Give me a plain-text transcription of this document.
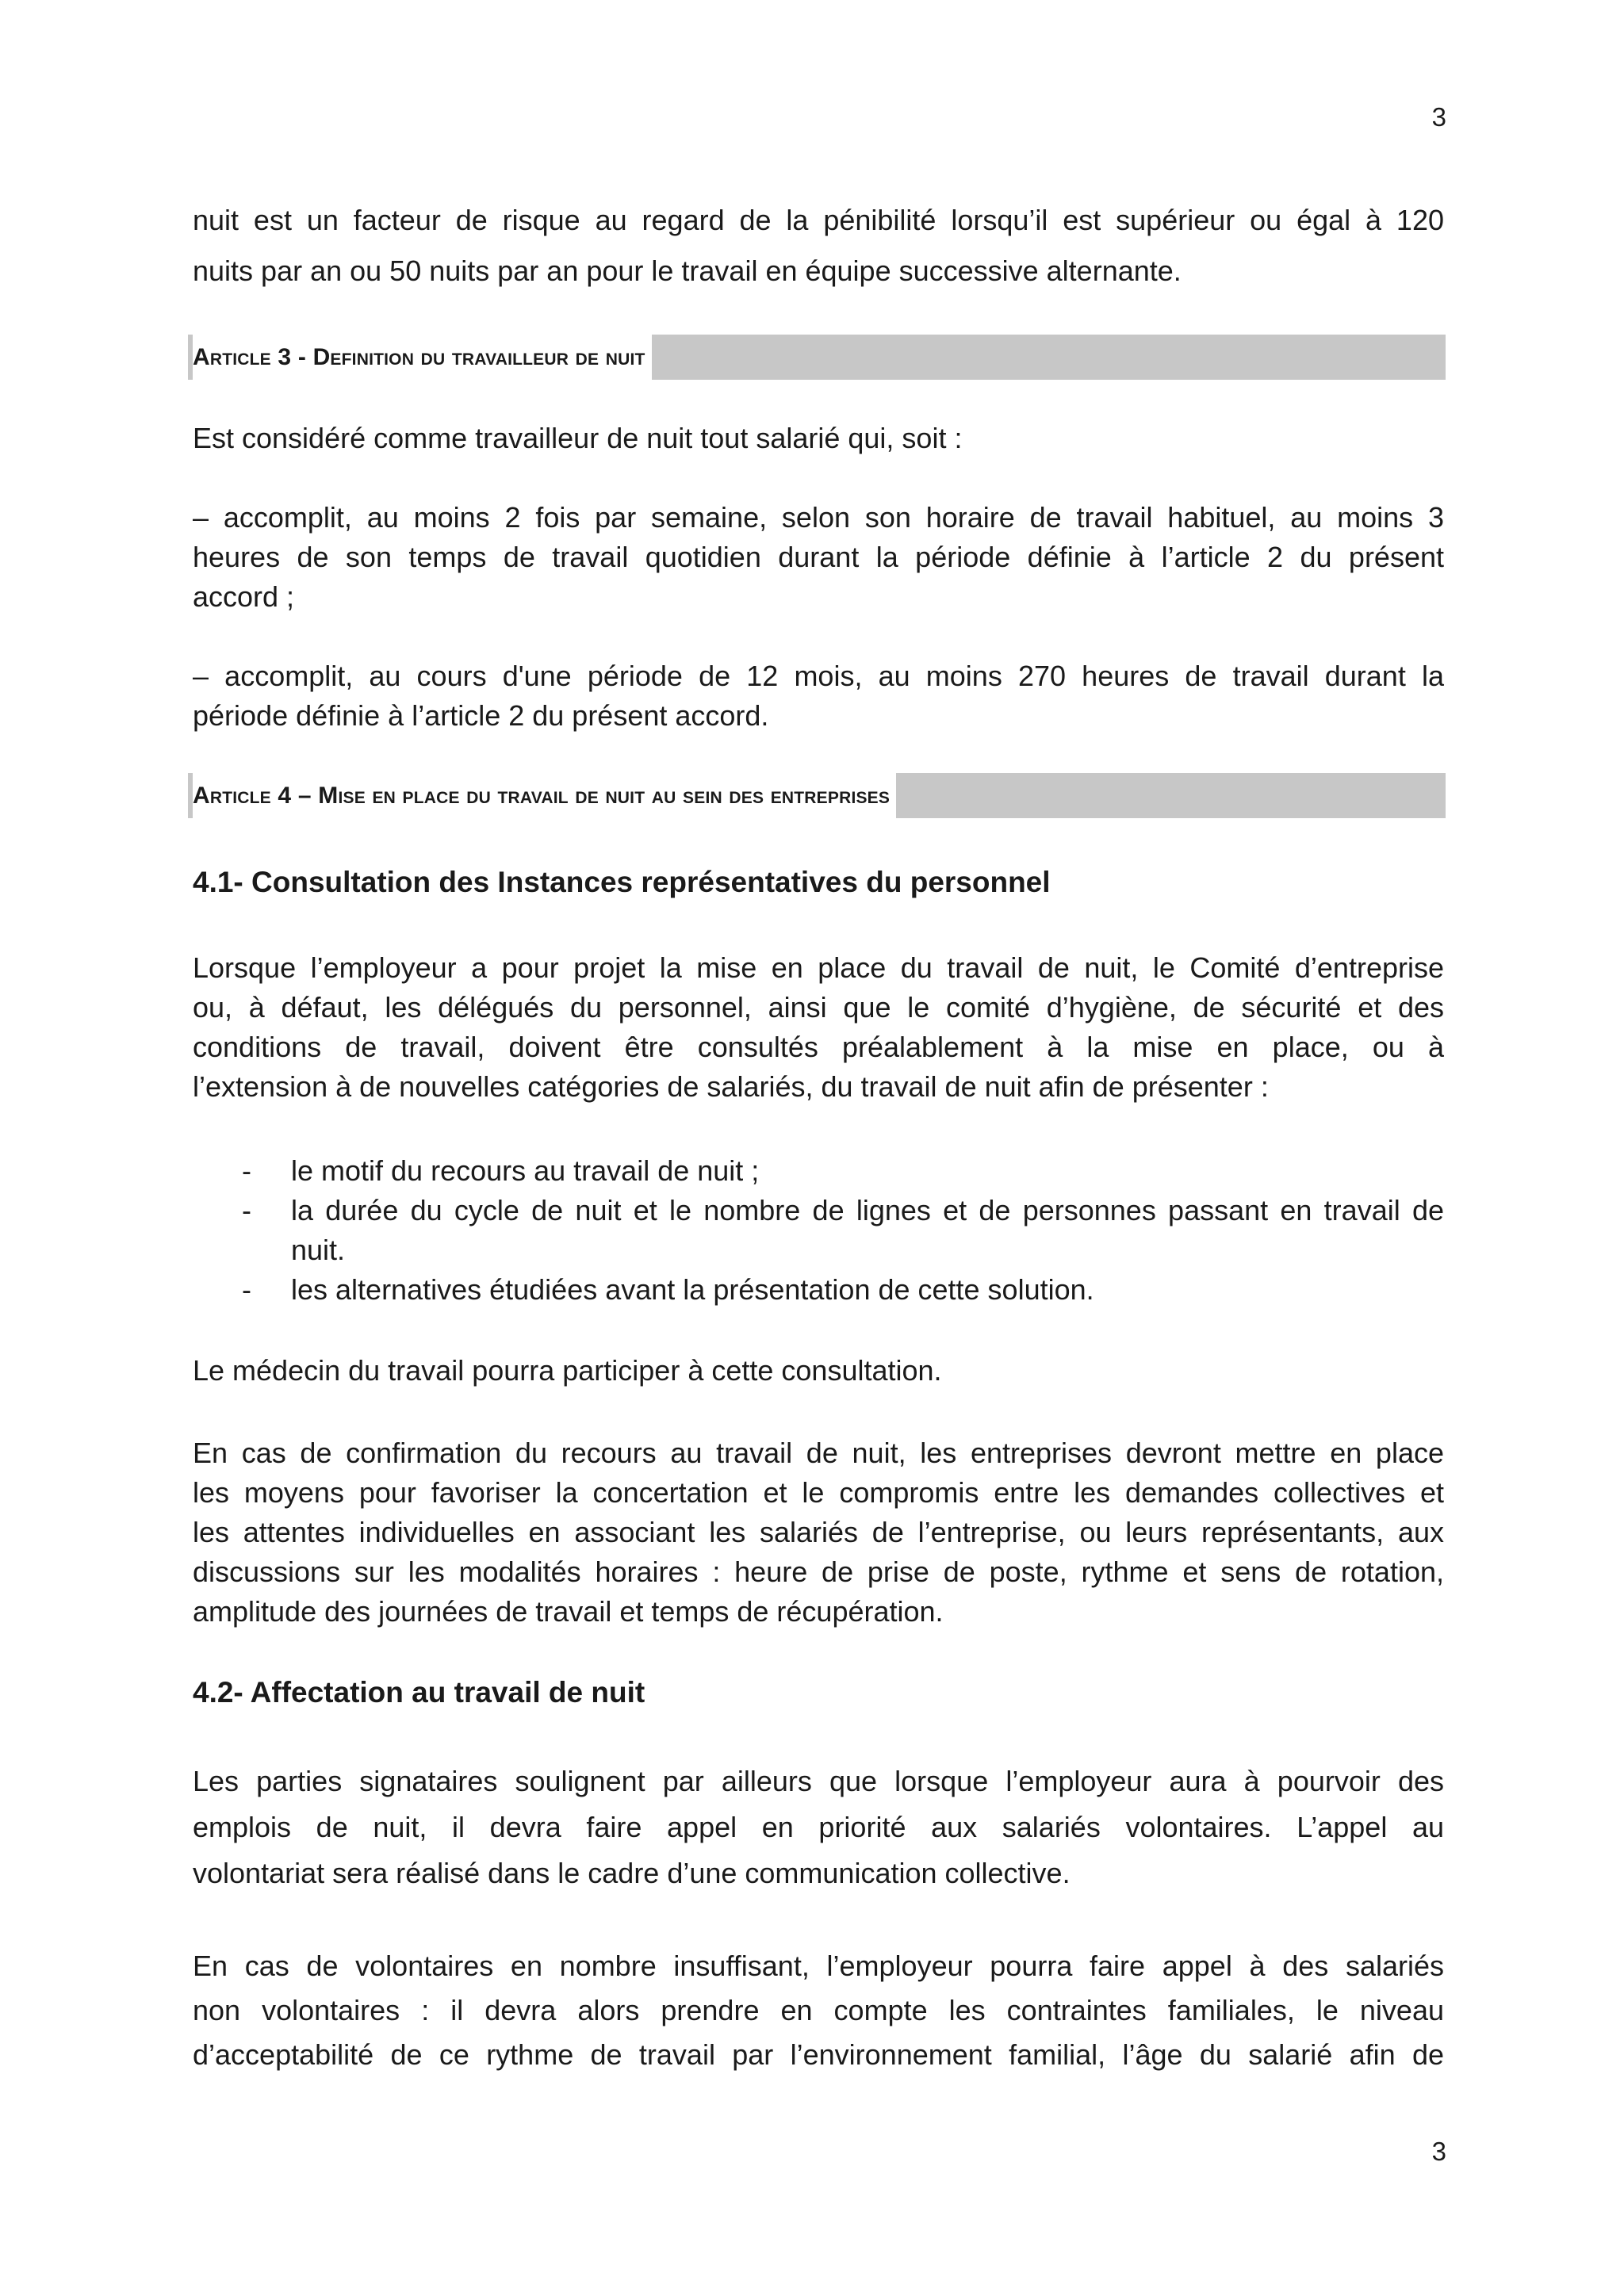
3
nuit est un facteur de risque au regard de la pénibilité lorsqu’il est supérieur ou égal à 120
nuits par an ou 50 nuits par an pour le travail en équipe successive alternante.
Article 3 - Definition du travailleur de nuit
Est considéré comme travailleur de nuit tout salarié qui, soit :
– accomplit, au moins 2 fois par semaine, selon son horaire de travail habituel, au moins 3
heures de son temps de travail quotidien durant la période définie à l’article 2 du présent
accord ;
– accomplit, au cours d'une période de 12 mois, au moins 270 heures de travail durant la
période définie à l’article 2 du présent accord.
Article 4 – Mise en place du travail de nuit au sein des entreprises
4.1- Consultation des Instances représentatives du personnel
Lorsque l’employeur a pour projet la mise en place du travail de nuit, le Comité d’entreprise
ou, à défaut, les délégués du personnel, ainsi que le comité d’hygiène, de sécurité et des
conditions de travail, doivent être consultés préalablement à la mise en place, ou à
l’extension à de nouvelles catégories de salariés, du travail de nuit afin de présenter :
- le motif du recours au travail de nuit ;
- la durée du cycle de nuit et le nombre de lignes et de personnes passant en travail de
nuit.
- les alternatives étudiées avant la présentation de cette solution.
Le médecin du travail pourra participer à cette consultation.
En cas de confirmation du recours au travail de nuit, les entreprises devront mettre en place
les moyens pour favoriser la concertation et le compromis entre les demandes collectives et
les attentes individuelles en associant les salariés de l’entreprise, ou leurs représentants, aux
discussions sur les modalités horaires : heure de prise de poste, rythme et sens de rotation,
amplitude des journées de travail et temps de récupération.
4.2- Affectation au travail de nuit
Les parties signataires soulignent par ailleurs que lorsque l’employeur aura à pourvoir des
emplois de nuit, il devra faire appel en priorité aux salariés volontaires. L’appel au
volontariat sera réalisé dans le cadre d’une communication collective.
En cas de volontaires en nombre insuffisant, l’employeur pourra faire appel à des salariés
non volontaires : il devra alors prendre en compte les contraintes familiales, le niveau
d’acceptabilité de ce rythme de travail par l’environnement familial, l’âge du salarié afin de
3
